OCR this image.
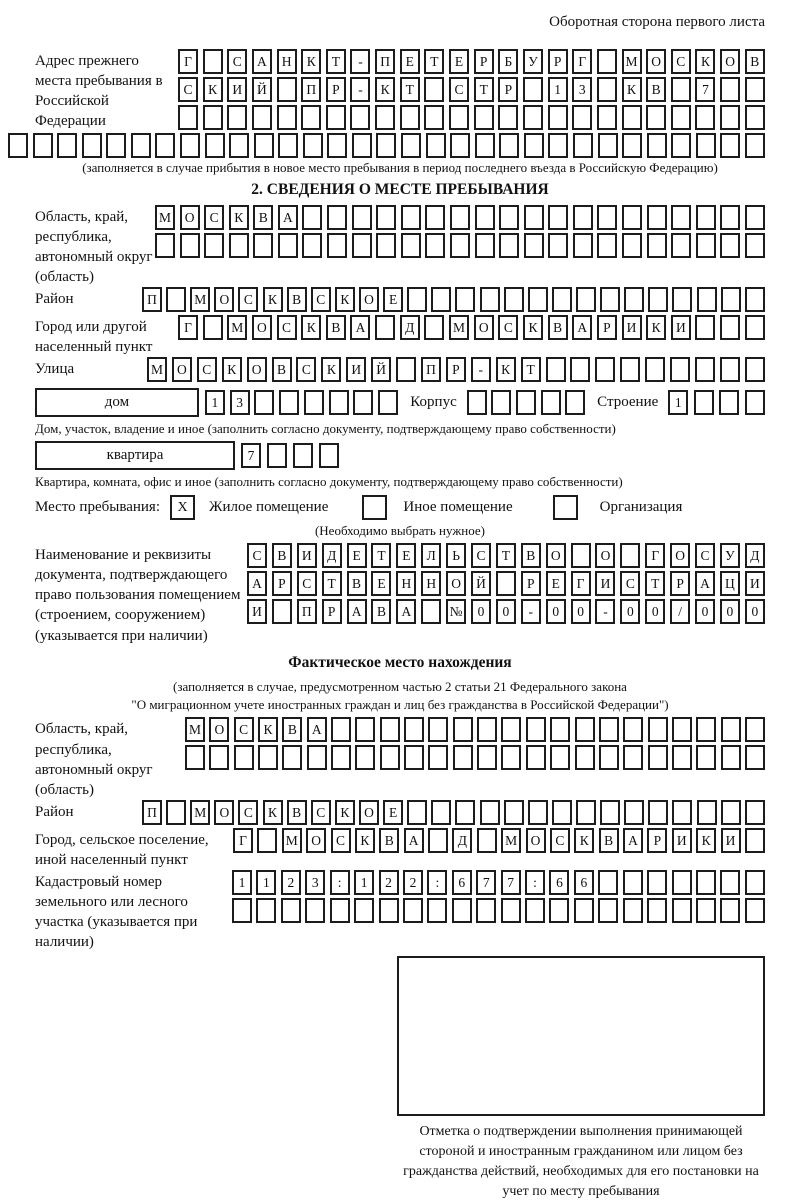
Оборотная сторона первого листа
Адрес прежнего места пребывания в Российской Федерации
Г	С	А	Н	К	Т	-	П	Е	Т	Е	Р	Б	У	Р	Г	М	О	С	К	О	В
С	К	И	Й	П	Р	-	К	Т	С	Т	Р	1	3	К	В	7
(заполняется в случае прибытия в новое место пребывания в период последнего въезда в Российскую Федерацию)
2. СВЕДЕНИЯ О МЕСТЕ ПРЕБЫВАНИЯ
Область, край, республика, автономный округ (область)
М	О	С	К	В	А
Район	П	М О	С	К	В	С	К	О	Е
Город или другой населенный пункт
Г	М	О	С	К	В	А	Д	М	О	С	К	В	А	Р	И	К	И
Улица	М	О	С	К	О	В	С	К	И	Й	П	Р	-	К	Т
дом	1	3	Корпус	Строение	1
Дом, участок, владение и иное (заполнить согласно документу, подтверждающему право собственности)
квартира	7
Квартира, комната, офис и иное (заполнить согласно документу, подтверждающему право собственности)
Место пребывания:	X	Жилое помещение	Иное помещение	Организация
(Необходимо выбрать нужное)
Наименование и реквизиты документа, подтверждающего право пользования помещением (строением, сооружением) (указывается при наличии)
С	В	И	Д	Е	Т	Е	Л	Ь	С	Т	В	О	О	Г	О	С	У	Д
А	Р	С	Т	В	Е	Н	Н	О	Й	Р	Е	Г	И	С	Т	Р	А	Ц	И
И	П	Р	А	В	А	№	0	0	-	0	0	-	0	0	/	0	0	0
Фактическое место нахождения
(заполняется в случае, предусмотренном частью 2 статьи 21 Федерального закона
"О миграционном учете иностранных граждан и лиц без гражданства в Российской Федерации")
Область, край, республика, автономный округ (область)
М О	С	К	В	А
Район	П	М О	С	К	В	С	К	О	Е
Город, сельское поселение, иной населенный пункт
Г	М	О	С	К	В	А	Д	М	О	С	К	В	А	Р	И	К	И
Кадастровый номер земельного или лесного участка (указывается при наличии)
1	1	2	3	:	1	2	2	:	6	7	7	:	6	6
Отметка о подтверждении выполнения принимающей стороной и иностранным гражданином или лицом без гражданства действий, необходимых для его постановки на учет по месту пребывания
